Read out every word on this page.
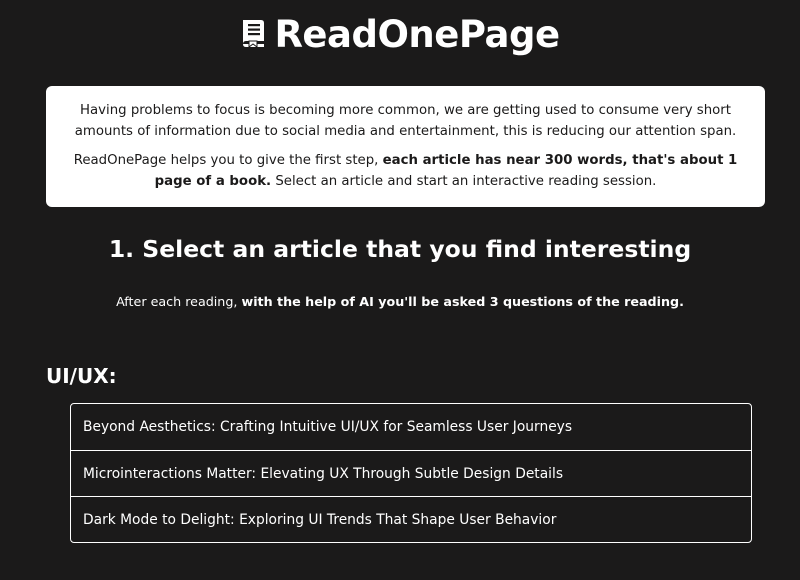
ReadOnePage

Having problems to focus is becoming more common, we are getting used to consume very short amounts of information due to social media and entertainment, this is reducing our attention span.

ReadOnePage helps you to give the first step, each article has near 300 words, that's about 1 page of a book. Select an article and start an interactive reading session.

1. Select an article that you find interesting

After each reading, with the help of AI you'll be asked 3 questions of the reading.

UI/UX:
Beyond Aesthetics: Crafting Intuitive UI/UX for Seamless User Journeys
Microinteractions Matter: Elevating UX Through Subtle Design Details
Dark Mode to Delight: Exploring UI Trends That Shape User Behavior
